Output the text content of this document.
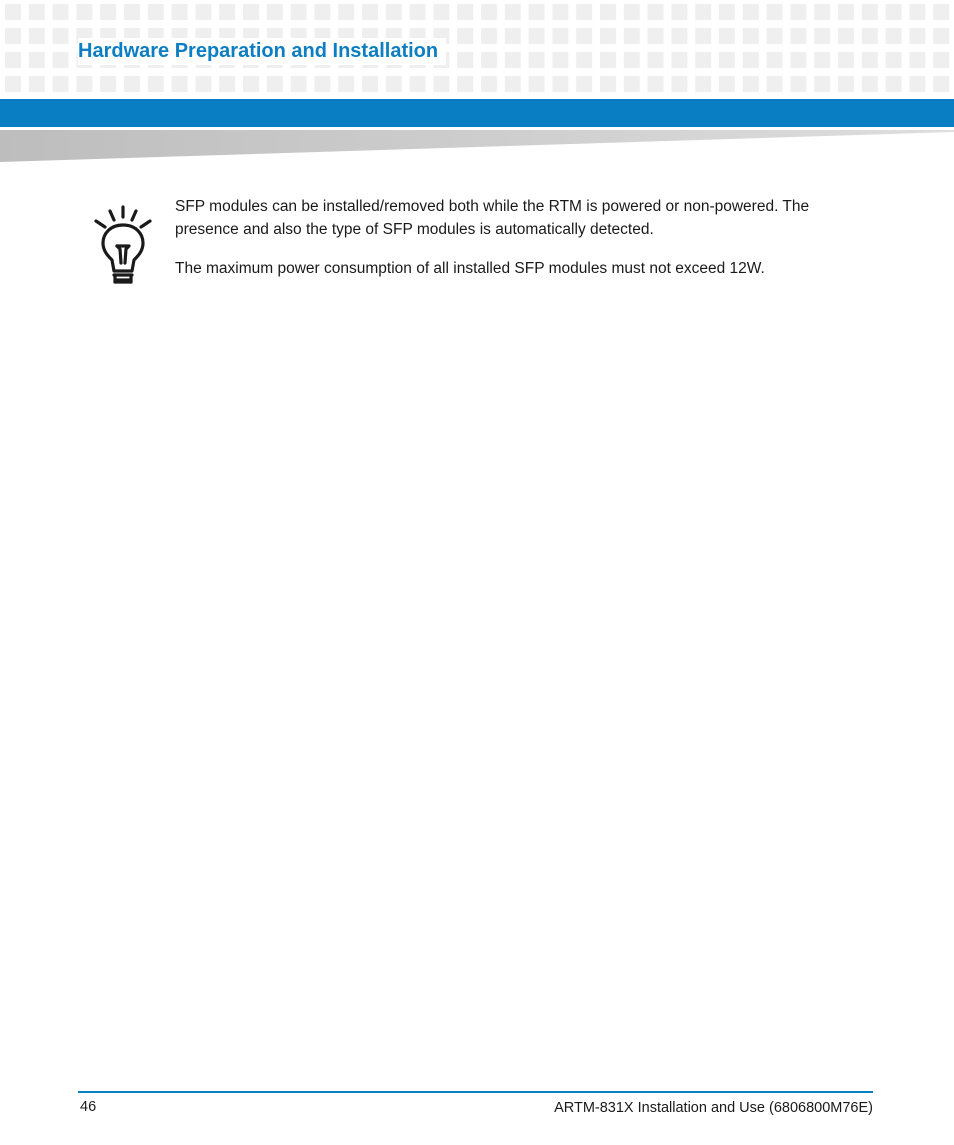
Hardware Preparation and Installation

SFP modules can be installed/removed both while the RTM is powered or non-powered. The presence and also the type of SFP modules is automatically detected.

The maximum power consumption of all installed SFP modules must not exceed 12W.

46	ARTM-831X Installation and Use (6806800M76E)
